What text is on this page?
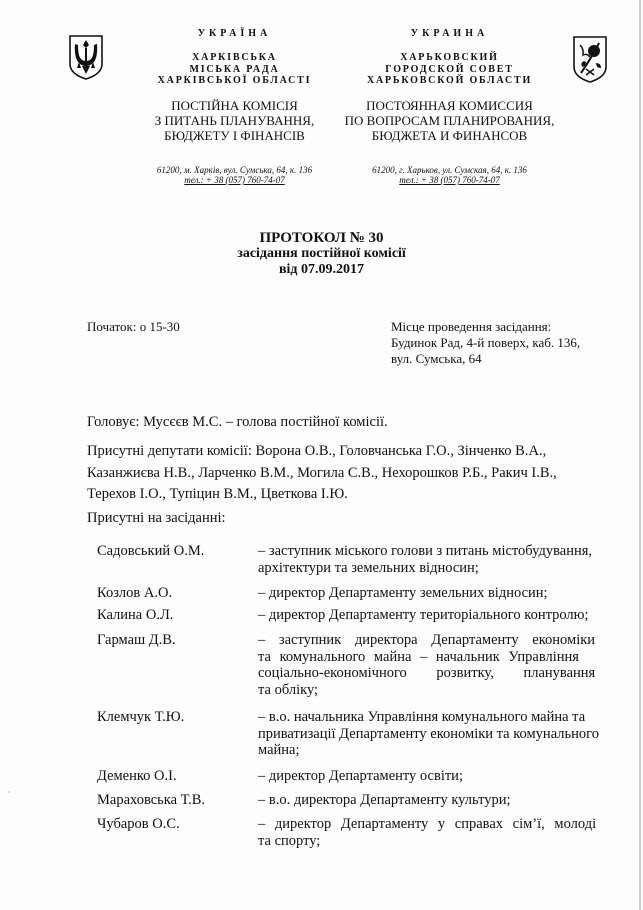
УКРАЇНА
ХАРКІВСЬКА
МІСЬКА РАДА
ХАРКІВСЬКОЇ ОБЛАСТІ
ПОСТІЙНА КОМІСІЯ
З ПИТАНЬ ПЛАНУВАННЯ,
БЮДЖЕТУ І ФІНАНСІВ
61200, м. Харків, вул. Сумська, 64, к. 136
тел.: + 38 (057) 760-74-07
УКРАИНА
ХАРЬКОВСКИЙ
ГОРОДСКОЙ СОВЕТ
ХАРЬКОВСКОЙ ОБЛАСТИ
ПОСТОЯННАЯ КОМИССИЯ
ПО ВОПРОСАМ ПЛАНИРОВАНИЯ,
БЮДЖЕТА И ФИНАНСОВ
61200, г. Харьков, ул. Сумская, 64, к. 136
тел.: + 38 (057) 760-74-07
ПРОТОКОЛ № 30
засідання постійної комісії
від 07.09.2017
Початок: о 15-30	Місце проведення засідання:
Будинок Рад, 4-й поверх, каб. 136,
вул. Сумська, 64
Головує: Мусєєв М.С. – голова постійної комісії.
Присутні депутати комісії: Ворона О.В., Головчанська Г.О., Зінченко В.А.,
Казанжиєва Н.В., Ларченко В.М., Могила С.В., Нехорошков Р.Б., Ракич І.В.,
Терехов І.О., Тупіцин В.М., Цветкова І.Ю.
Присутні на засіданні:
Садовський О.М.	– заступник міського голови з питань містобудування,
архітектури та земельних відносин;
Козлов А.О.	– директор Департаменту земельних відносин;
Калина О.Л.	– директор Департаменту територіального контролю;
Гармаш Д.В.	– заступник директора Департаменту економіки
та комунального майна – начальник Управління
соціально-економічного розвитку, планування
та обліку;
Клемчук Т.Ю.	– в.о. начальника Управління комунального майна та
приватизації Департаменту економіки та комунального
майна;
Деменко О.І.	– директор Департаменту освіти;
Мараховська Т.В.	– в.о. директора Департаменту культури;
Чубаров О.С.	– директор Департаменту у справах сім’ї, молоді
та спорту;
·
